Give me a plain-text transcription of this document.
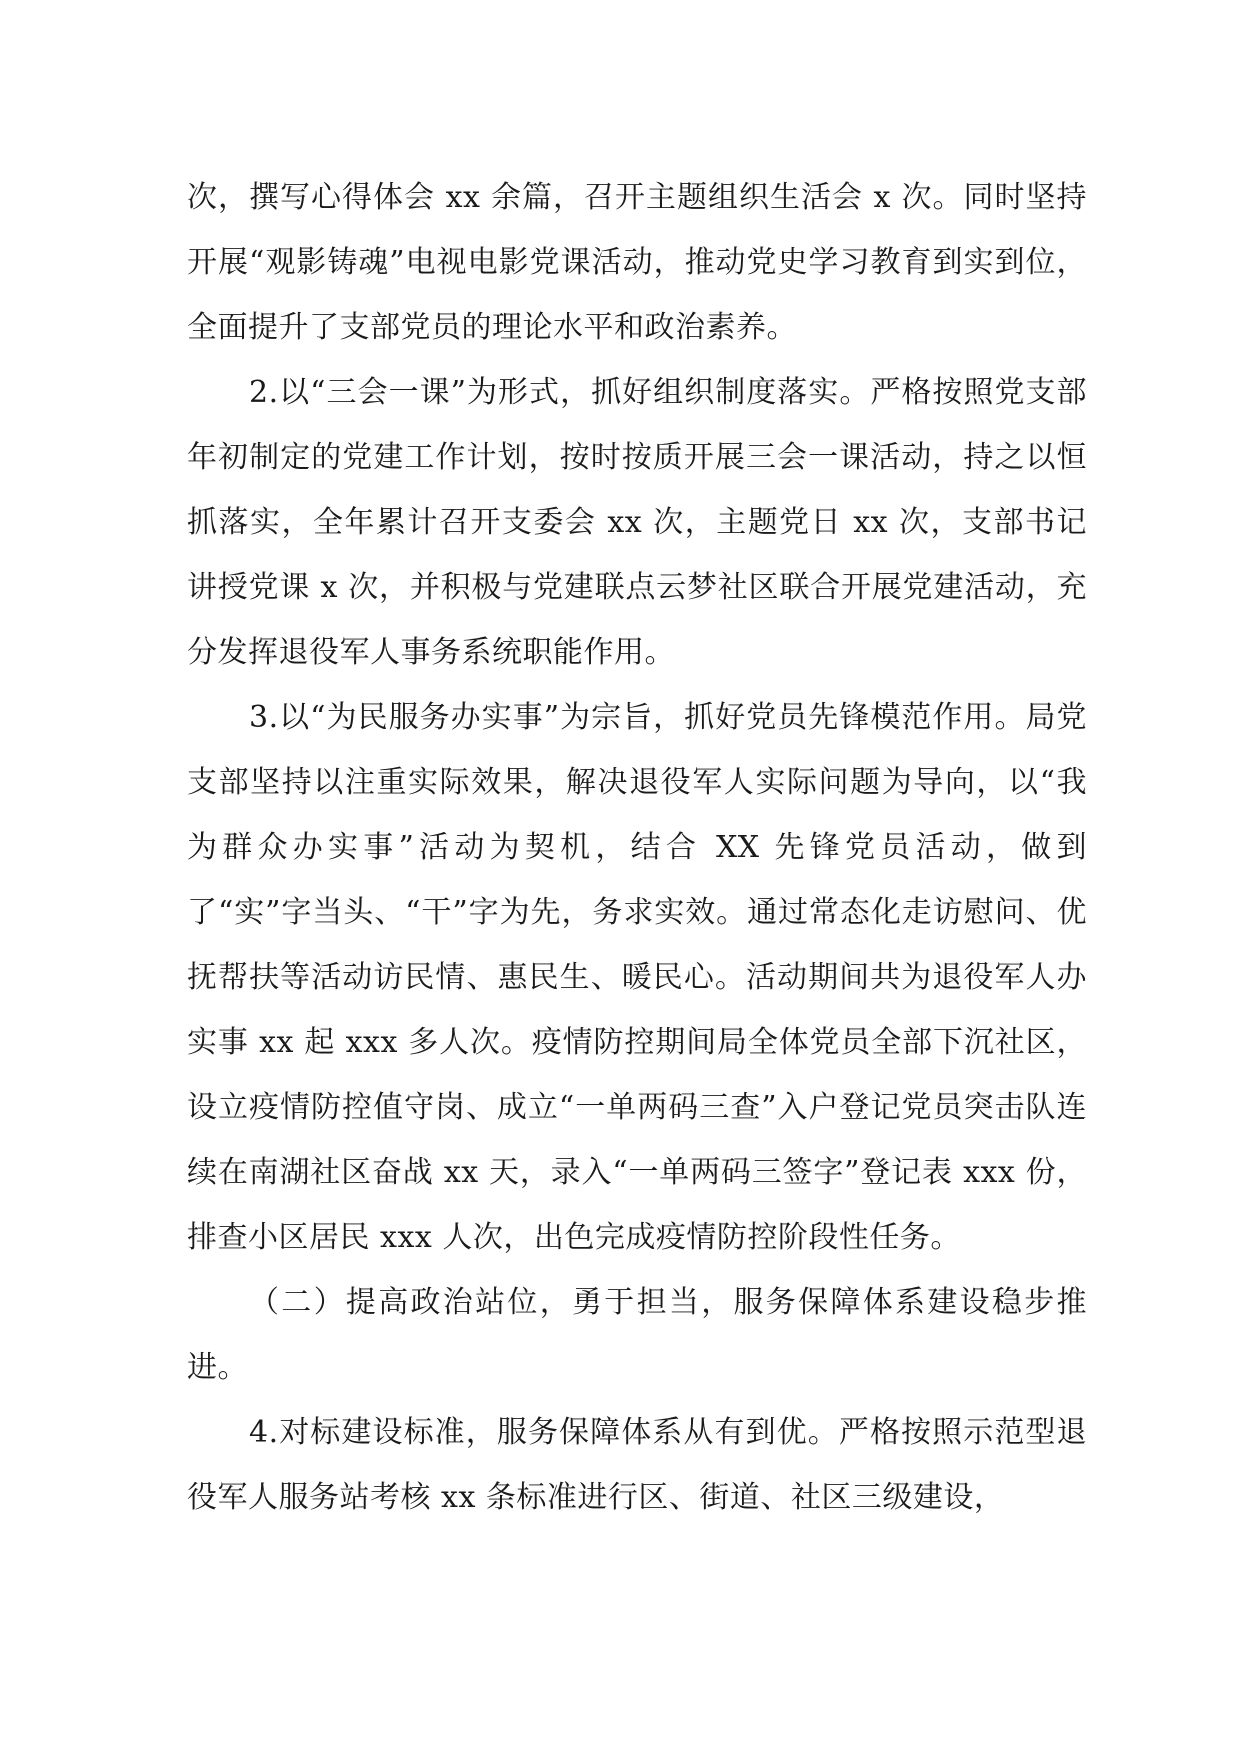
次，撰写心得体会 xx 余篇，召开主题组织生活会 x 次。同时坚持开展“观影铸魂”电视电影党课活动，推动党史学习教育到实到位，全面提升了支部党员的理论水平和政治素养。

2.以“三会一课”为形式，抓好组织制度落实。严格按照党支部年初制定的党建工作计划，按时按质开展三会一课活动，持之以恒抓落实，全年累计召开支委会 xx 次，主题党日 xx 次，支部书记讲授党课 x 次，并积极与党建联点云梦社区联合开展党建活动，充分发挥退役军人事务系统职能作用。

3.以“为民服务办实事”为宗旨，抓好党员先锋模范作用。局党支部坚持以注重实际效果，解决退役军人实际问题为导向，以“我为群众办实事”活动为契机，结合 XX 先锋党员活动，做到了“实”字当头、“干”字为先，务求实效。通过常态化走访慰问、优抚帮扶等活动访民情、惠民生、暖民心。活动期间共为退役军人办实事 xx 起 xxx 多人次。疫情防控期间局全体党员全部下沉社区，设立疫情防控值守岗、成立“一单两码三查”入户登记党员突击队连续在南湖社区奋战 xx 天，录入“一单两码三签字”登记表 xxx 份，排查小区居民 xxx 人次，出色完成疫情防控阶段性任务。

（二）提高政治站位，勇于担当，服务保障体系建设稳步推进。

4.对标建设标准，服务保障体系从有到优。严格按照示范型退役军人服务站考核 xx 条标准进行区、街道、社区三级建设，
